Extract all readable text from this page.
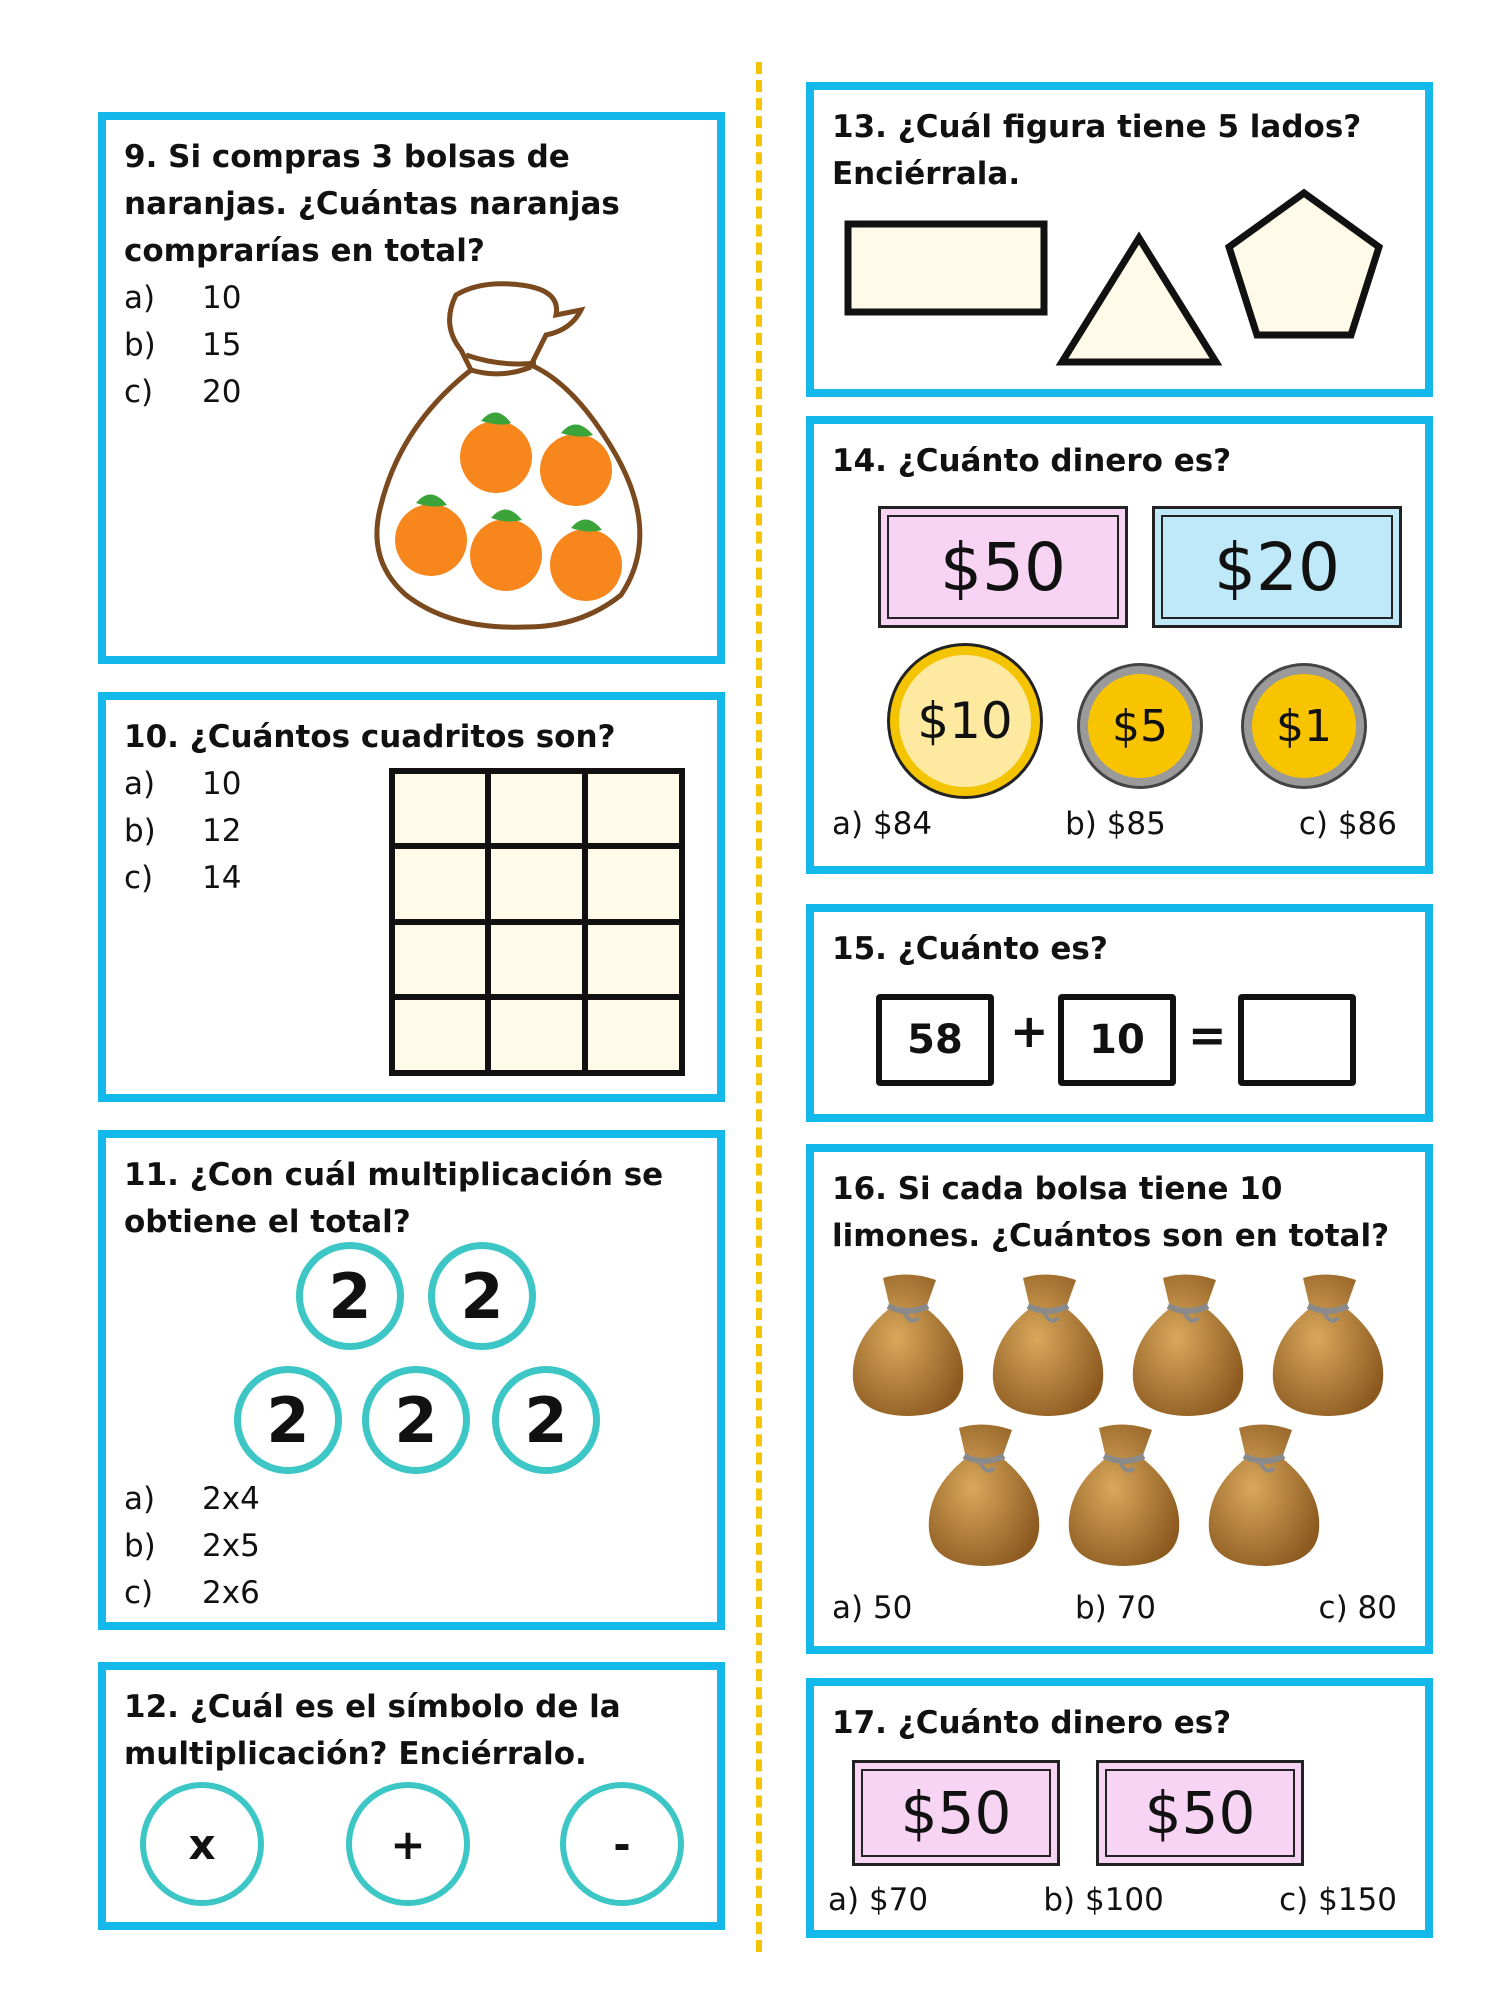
9. Si compras 3 bolsas de naranjas. ¿Cuántas naranjas comprarías en total?

a)	10
b)	15
c)	20

10. ¿Cuántos cuadritos son?

a)	10
b)	12
c)	14

11. ¿Con cuál multiplicación se obtiene el total?

2	2
2	2	2
a)	2x4
b)	2x5
c)	2x6

12. ¿Cuál es el símbolo de la multiplicación? Enciérralo.

x	+	-

13. ¿Cuál figura tiene 5 lados? Enciérrala.

14. ¿Cuánto dinero es?

$50	$20
$10	$5	$1
a) $84	b) $85	c) $86

15. ¿Cuánto es?

58	+	10 =

16. Si cada bolsa tiene 10 limones. ¿Cuántos son en total?

a) 50	b) 70	c) 80

17. ¿Cuánto dinero es?

$50	$50
a) $70	b) $100	c) $150
